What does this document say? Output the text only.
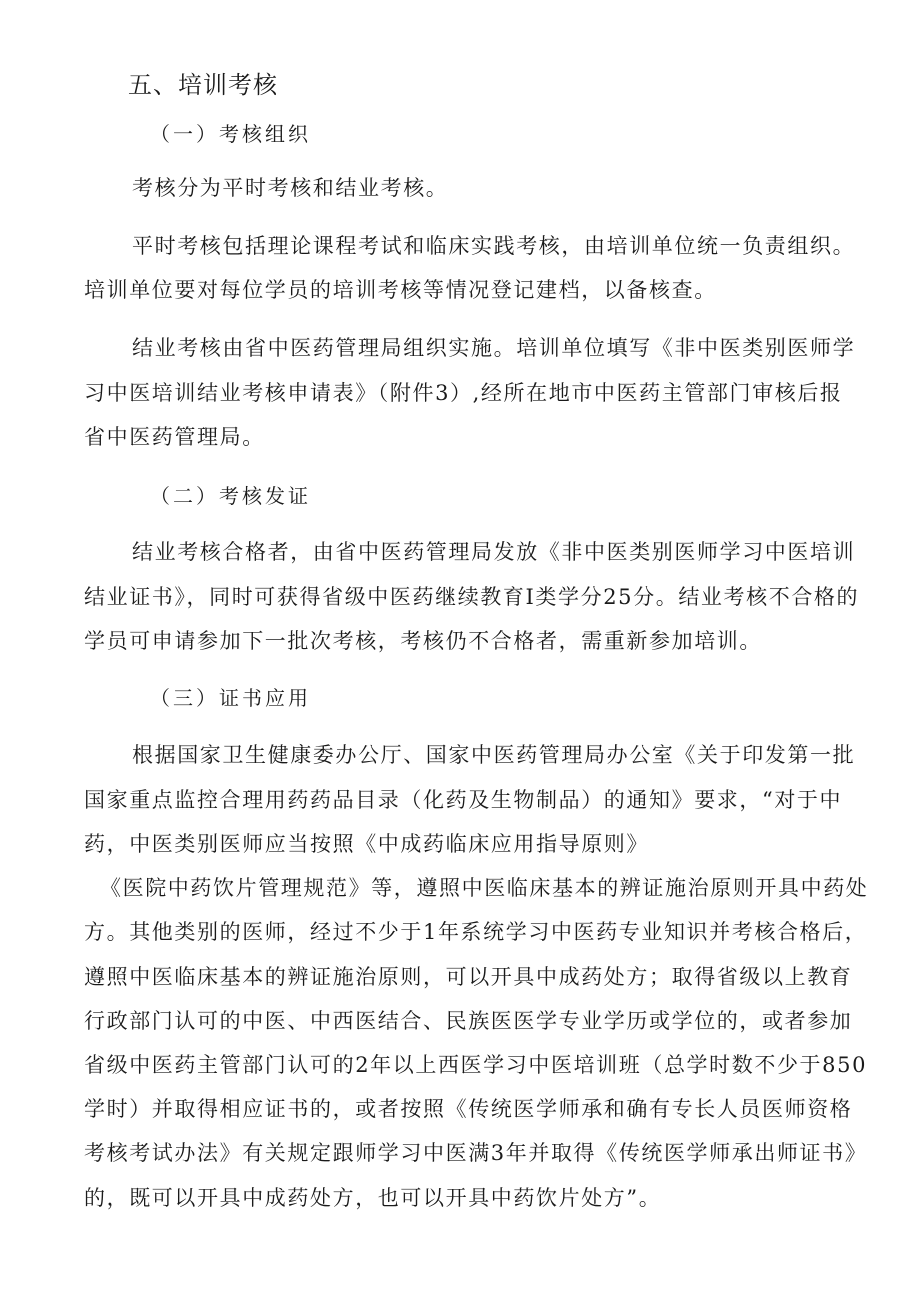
五、培训考核
（一）考核组织
考核分为平时考核和结业考核。
平时考核包括理论课程考试和临床实践考核，由培训单位统一负责组织。
培训单位要对每位学员的培训考核等情况登记建档，以备核查。
结业考核由省中医药管理局组织实施。培训单位填写《非中医类别医师学
习中医培训结业考核申请表》（附件3）,经所在地市中医药主管部门审核后报
省中医药管理局。
（二）考核发证
结业考核合格者，由省中医药管理局发放《非中医类别医师学习中医培训
结业证书》，同时可获得省级中医药继续教育I类学分25分。结业考核不合格的
学员可申请参加下一批次考核，考核仍不合格者，需重新参加培训。
（三）证书应用
根据国家卫生健康委办公厅、国家中医药管理局办公室《关于印发第一批
国家重点监控合理用药药品目录（化药及生物制品）的通知》要求，“对于中
药，中医类别医师应当按照《中成药临床应用指导原则》
《医院中药饮片管理规范》等，遵照中医临床基本的辨证施治原则开具中药处
方。其他类别的医师，经过不少于1年系统学习中医药专业知识并考核合格后，
遵照中医临床基本的辨证施治原则，可以开具中成药处方；取得省级以上教育
行政部门认可的中医、中西医结合、民族医医学专业学历或学位的，或者参加
省级中医药主管部门认可的2年以上西医学习中医培训班（总学时数不少于850
学时）并取得相应证书的，或者按照《传统医学师承和确有专长人员医师资格
考核考试办法》有关规定跟师学习中医满3年并取得《传统医学师承出师证书》
的，既可以开具中成药处方，也可以开具中药饮片处方”。
